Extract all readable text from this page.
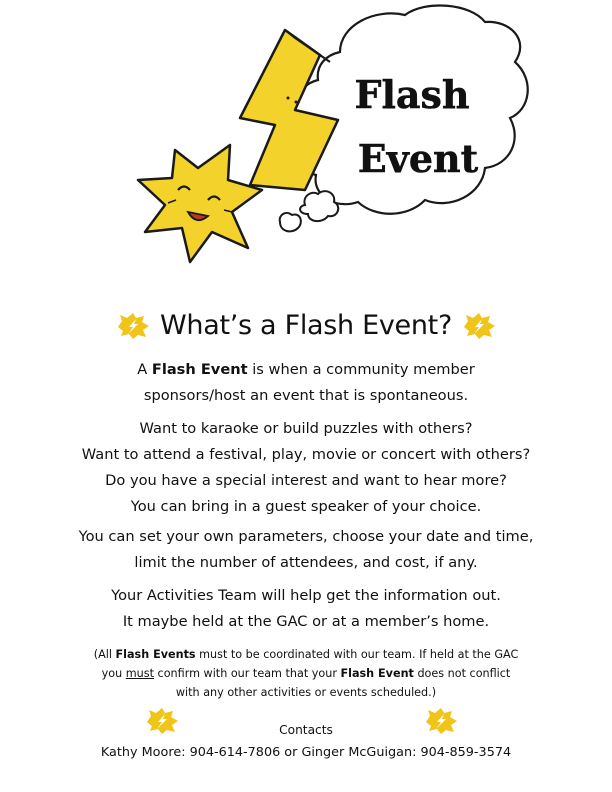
Flash
Event
What’s a Flash Event?

A Flash Event is when a community member

sponsors/host an event that is spontaneous.

Want to karaoke or build puzzles with others?

Want to attend a festival, play, movie or concert with others?

Do you have a special interest and want to hear more?

You can bring in a guest speaker of your choice.

You can set your own parameters, choose your date and time,

limit the number of attendees, and cost, if any.

Your Activities Team will help get the information out.

It maybe held at the GAC or at a member’s home.

(All Flash Events must to be coordinated with our team. If held at the GAC

you must confirm with our team that your Flash Event does not conflict

with any other activities or events scheduled.)

Contacts
Kathy Moore: 904-614-7806 or Ginger McGuigan: 904-859-3574
